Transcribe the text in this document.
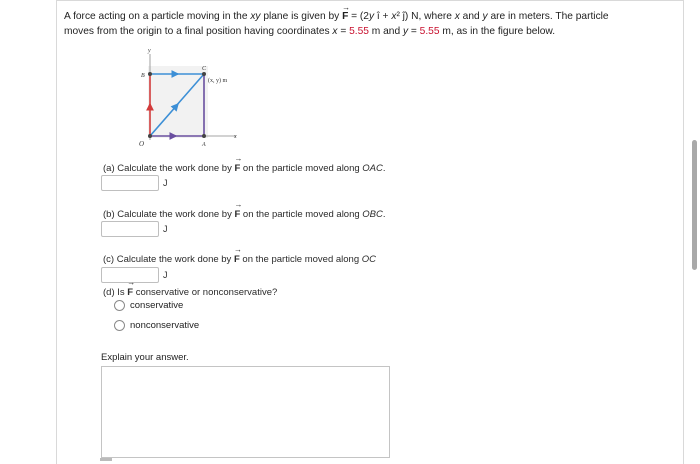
A force acting on a particle moving in the xy plane is given by → F = (2y î + x² ĵ) N, where x and y are in meters. The particle
moves from the origin to a final position having coordinates x = 5.55 m and y = 5.55 m, as in the figure below.
y
x
O
B
C
A
(x, y) m
(a) Calculate the work done by → F on the particle moved along OAC.
J
(b) Calculate the work done by → F on the particle moved along OBC.
J
(c) Calculate the work done by → F on the particle moved along OC
J
(d) Is → F conservative or nonconservative?
conservative
nonconservative
Explain your answer.
